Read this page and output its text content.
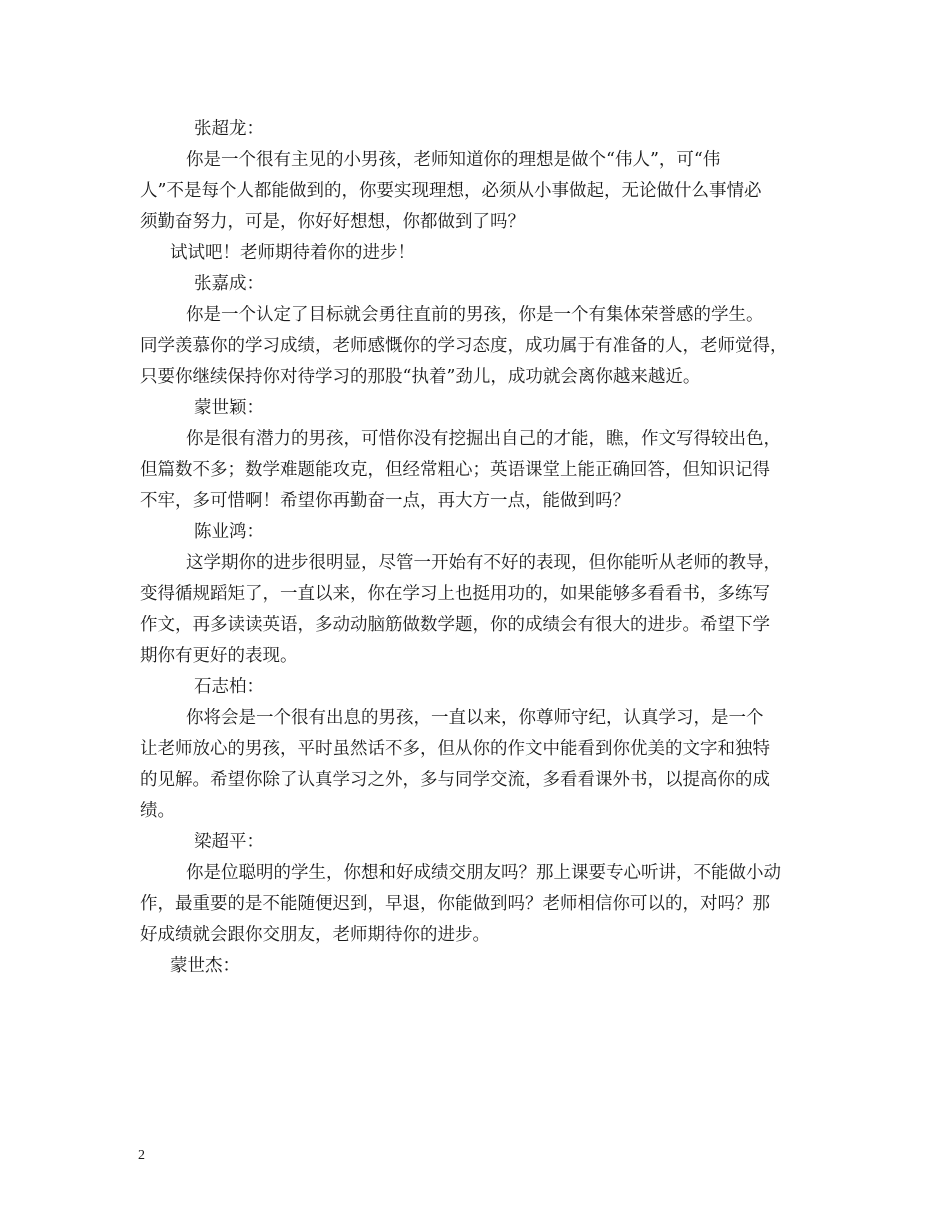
张超龙：
你是一个很有主见的小男孩，老师知道你的理想是做个“伟人”，可“伟
人”不是每个人都能做到的，你要实现理想，必须从小事做起，无论做什么事情必
须勤奋努力，可是，你好好想想，你都做到了吗？
试试吧！老师期待着你的进步！
张嘉成：
你是一个认定了目标就会勇往直前的男孩，你是一个有集体荣誉感的学生。
同学羡慕你的学习成绩，老师感慨你的学习态度，成功属于有准备的人，老师觉得，
只要你继续保持你对待学习的那股“执着”劲儿，成功就会离你越来越近。
蒙世颖：
你是很有潜力的男孩，可惜你没有挖掘出自己的才能，瞧，作文写得较出色，
但篇数不多；数学难题能攻克，但经常粗心；英语课堂上能正确回答，但知识记得
不牢，多可惜啊！希望你再勤奋一点，再大方一点，能做到吗？
陈业鸿：
这学期你的进步很明显，尽管一开始有不好的表现，但你能听从老师的教导，
变得循规蹈矩了，一直以来，你在学习上也挺用功的，如果能够多看看书，多练写
作文，再多读读英语，多动动脑筋做数学题，你的成绩会有很大的进步。希望下学
期你有更好的表现。
石志柏：
你将会是一个很有出息的男孩，一直以来，你尊师守纪，认真学习，是一个
让老师放心的男孩，平时虽然话不多，但从你的作文中能看到你优美的文字和独特
的见解。希望你除了认真学习之外，多与同学交流，多看看课外书，以提高你的成
绩。
梁超平：
你是位聪明的学生，你想和好成绩交朋友吗？那上课要专心听讲，不能做小动
作，最重要的是不能随便迟到，早退，你能做到吗？老师相信你可以的，对吗？那
好成绩就会跟你交朋友，老师期待你的进步。
蒙世杰：
2
